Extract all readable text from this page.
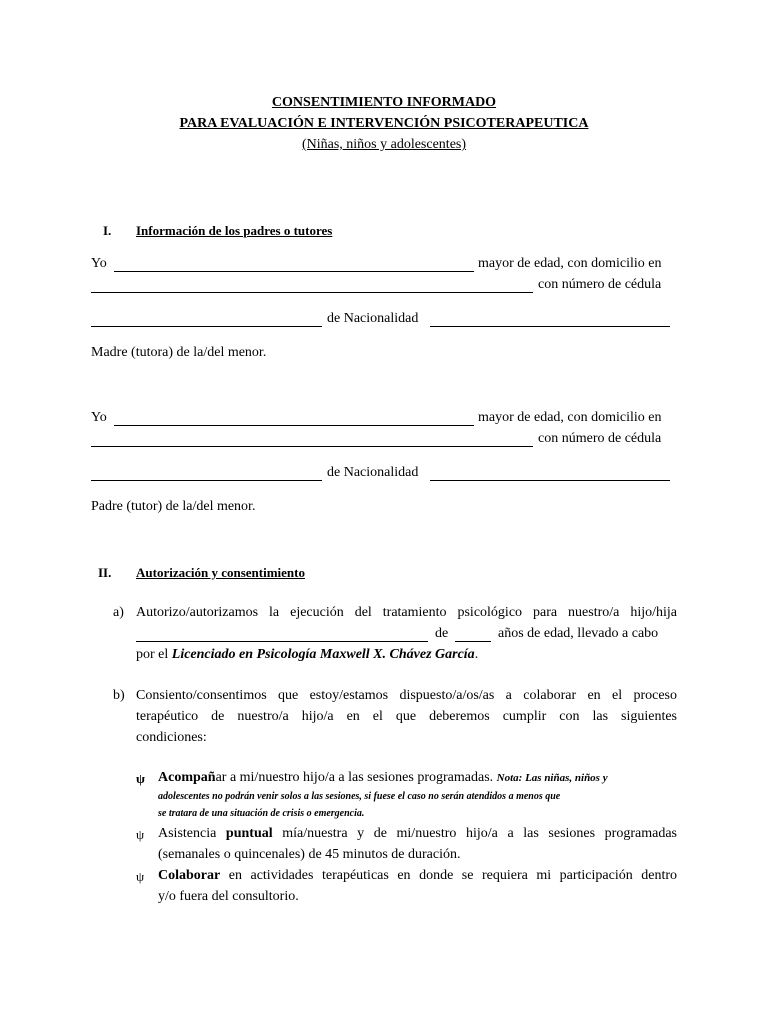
CONSENTIMIENTO INFORMADO
PARA EVALUACIÓN E INTERVENCIÓN PSICOTERAPEUTICA
(Niñas, niños y adolescentes)
I. Información de los padres o tutores
Yo	mayor de edad, con domicilio en
con número de cédula
de Nacionalidad
Madre (tutora) de la/del menor.
Yo	mayor de edad, con domicilio en
con número de cédula
de Nacionalidad
Padre (tutor) de la/del menor.
II. Autorización y consentimiento
a) Autorizo/autorizamos la ejecución del tratamiento psicológico para nuestro/a hijo/hija
de	años de edad, llevado a cabo
por el Licenciado en Psicología Maxwell X. Chávez García.
b) Consiento/consentimos que estoy/estamos dispuesto/a/os/as a colaborar en el proceso
terapéutico de nuestro/a hijo/a en el que deberemos cumplir con las siguientes
condiciones:
ψ Acompañar a mi/nuestro hijo/a a las sesiones programadas. Nota: Las niñas, niños y
adolescentes no podrán venir solos a las sesiones, si fuese el caso no serán atendidos a menos que
se tratara de una situación de crisis o emergencia.
ψ Asistencia puntual mía/nuestra y de mi/nuestro hijo/a a las sesiones programadas
(semanales o quincenales) de 45 minutos de duración.
ψ Colaborar en actividades terapéuticas en donde se requiera mi participación dentro
y/o fuera del consultorio.
